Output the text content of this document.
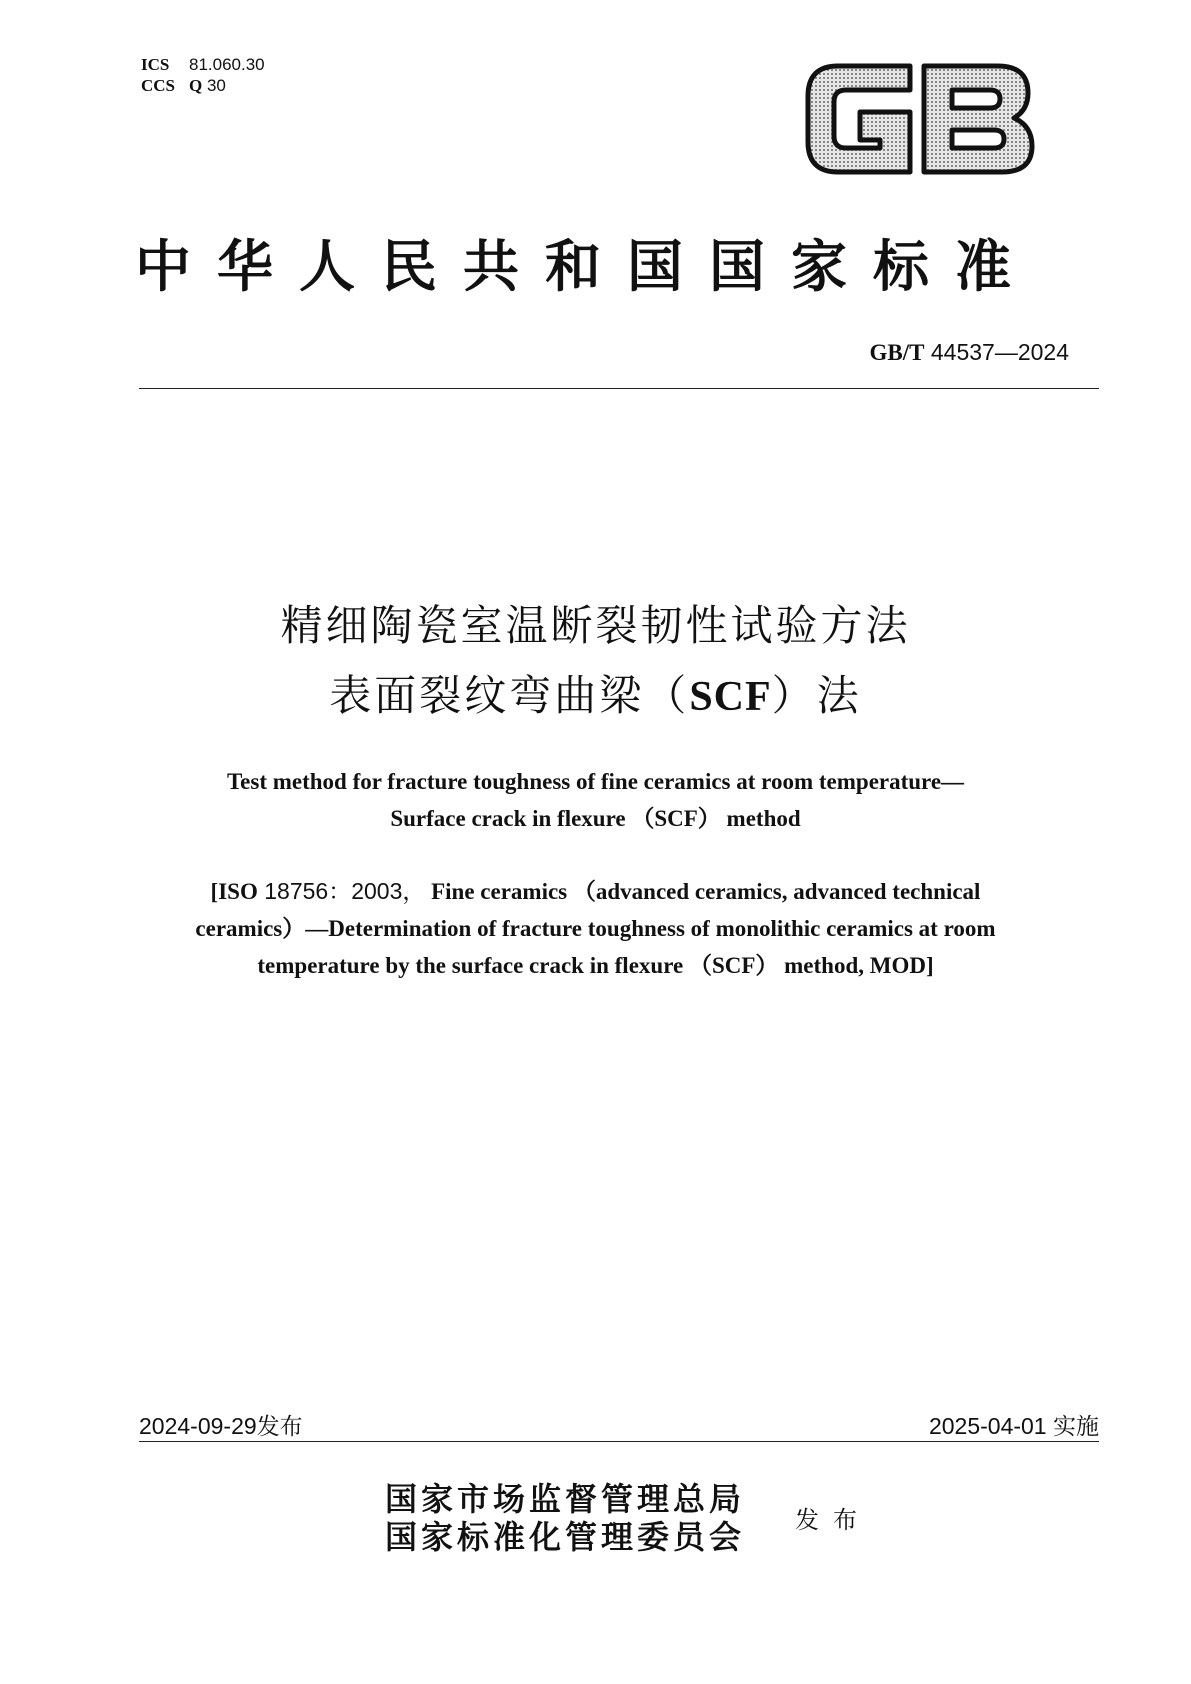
ICS 81.060.30
CCS Q 30
中华人民共和国国家标准
GB/T 44537—2024
精细陶瓷室温断裂韧性试验方法
表面裂纹弯曲梁（SCF）法
Test method for fracture toughness of fine ceramics at room temperature—
Surface crack in flexure （SCF） method
[ISO 18756：2003， Fine ceramics （advanced ceramics, advanced technical
ceramics）—Determination of fracture toughness of monolithic ceramics at room
temperature by the surface crack in flexure （SCF） method, MOD]
2024-09-29发布	2025-04-01 实施
国家市场监督管理总局
国家标准化管理委员会 发布
